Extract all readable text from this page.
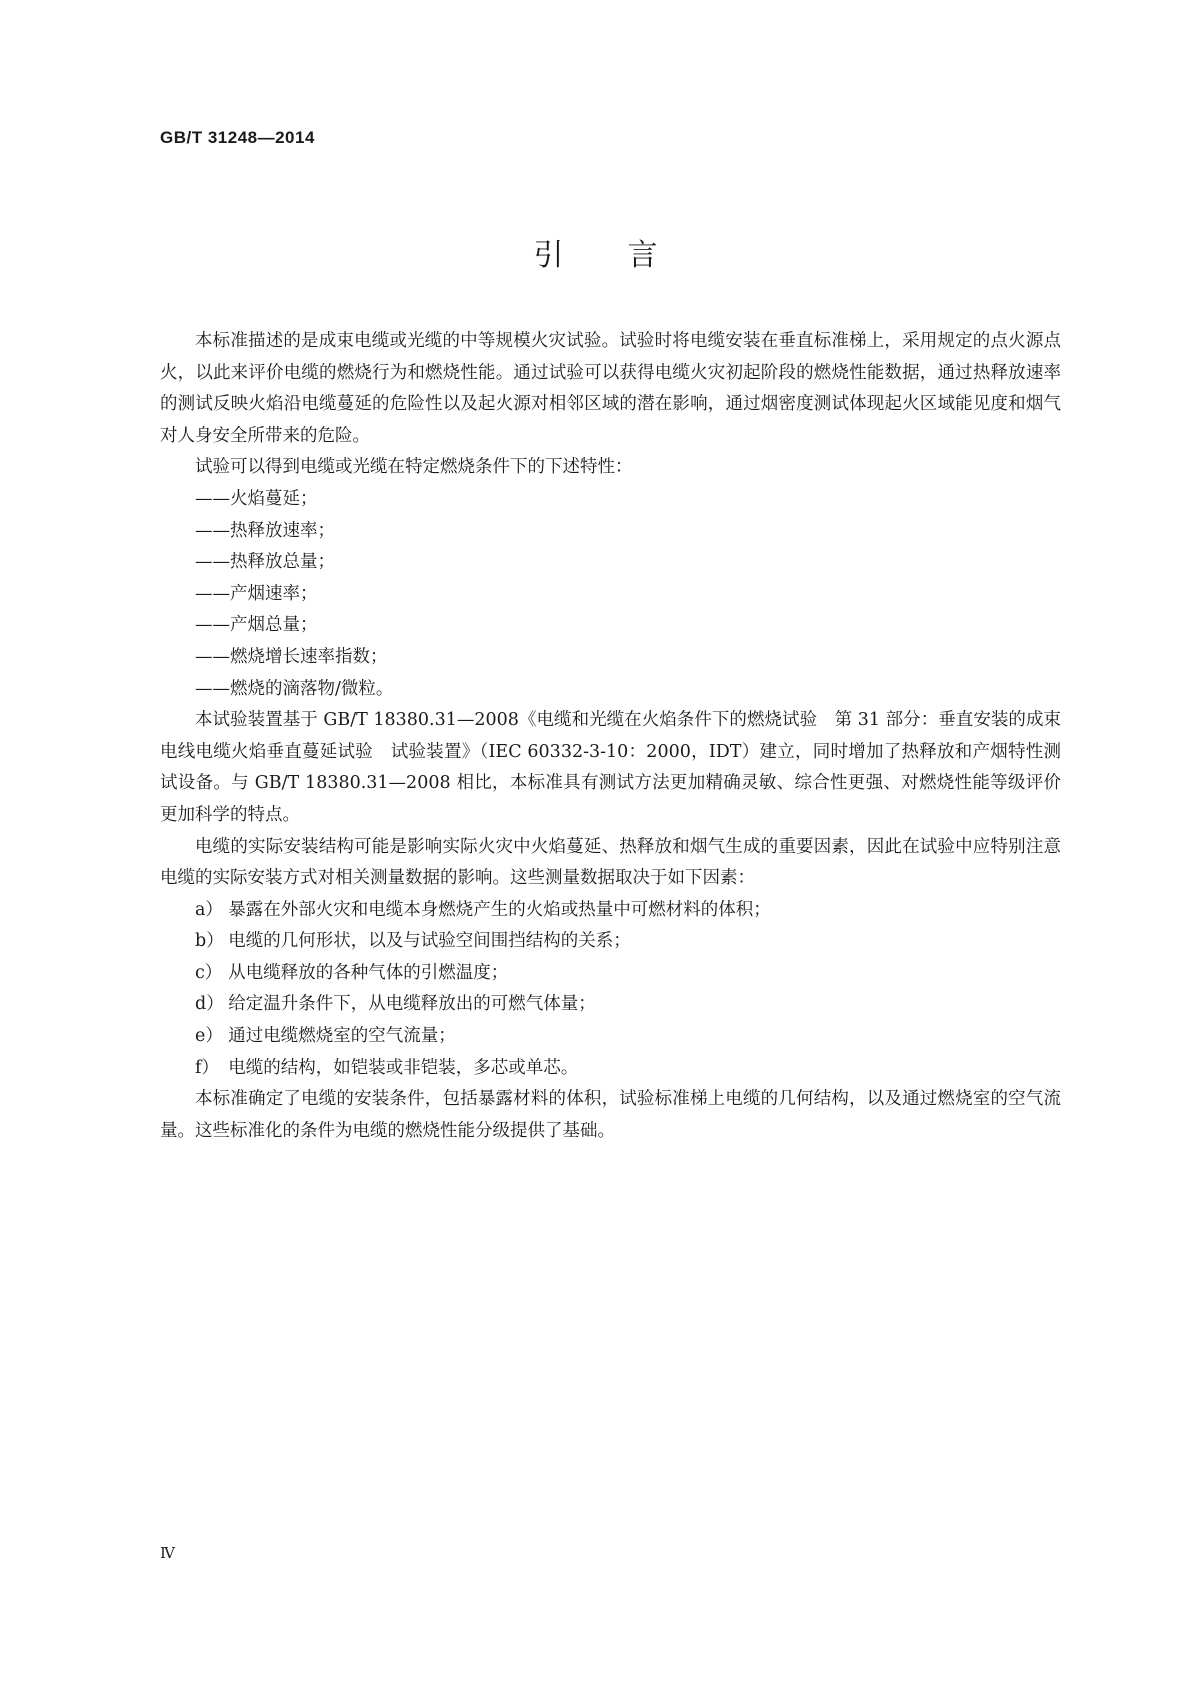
GB/T 31248—2014
引言

本标准描述的是成束电缆或光缆的中等规模火灾试验。试验时将电缆安装在垂直标准梯上，采用规定的点火源点火，以此来评价电缆的燃烧行为和燃烧性能。通过试验可以获得电缆火灾初起阶段的燃烧性能数据，通过热释放速率的测试反映火焰沿电缆蔓延的危险性以及起火源对相邻区域的潜在影响，通过烟密度测试体现起火区域能见度和烟气对人身安全所带来的危险。

试验可以得到电缆或光缆在特定燃烧条件下的下述特性：

——火焰蔓延；

——热释放速率；

——热释放总量；

——产烟速率；

——产烟总量；

——燃烧增长速率指数；

——燃烧的滴落物/微粒。

本试验装置基于 GB/T 18380.31—2008《电缆和光缆在火焰条件下的燃烧试验　第 31 部分：垂直安装的成束电线电缆火焰垂直蔓延试验　试验装置》（IEC 60332-3-10：2000，IDT）建立，同时增加了热释放和产烟特性测试设备。与 GB/T 18380.31—2008 相比，本标准具有测试方法更加精确灵敏、综合性更强、对燃烧性能等级评价更加科学的特点。

电缆的实际安装结构可能是影响实际火灾中火焰蔓延、热释放和烟气生成的重要因素，因此在试验中应特别注意电缆的实际安装方式对相关测量数据的影响。这些测量数据取决于如下因素：

a） 暴露在外部火灾和电缆本身燃烧产生的火焰或热量中可燃材料的体积；

b） 电缆的几何形状，以及与试验空间围挡结构的关系；

c） 从电缆释放的各种气体的引燃温度；

d） 给定温升条件下，从电缆释放出的可燃气体量；

e） 通过电缆燃烧室的空气流量；

f） 电缆的结构，如铠装或非铠装，多芯或单芯。

本标准确定了电缆的安装条件，包括暴露材料的体积，试验标准梯上电缆的几何结构，以及通过燃烧室的空气流量。这些标准化的条件为电缆的燃烧性能分级提供了基础。

Ⅳ
